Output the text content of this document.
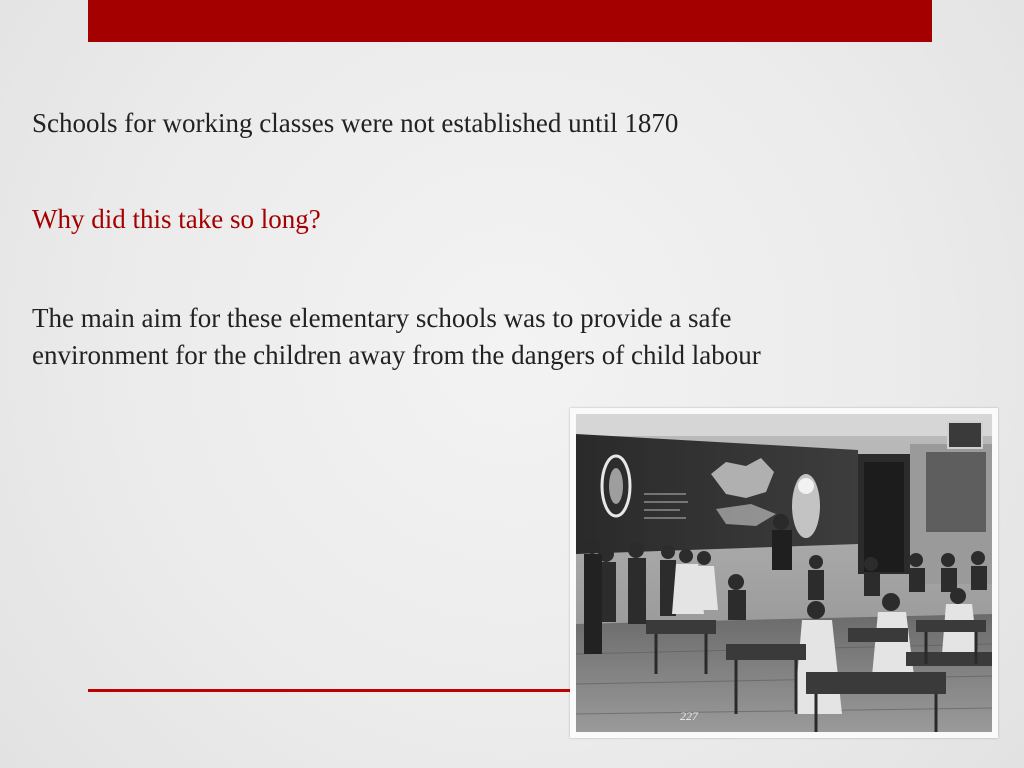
Schools for working classes were not established until 1870

Why did this take so long?

The main aim for these elementary schools was to provide a safe environment for the children away from the dangers of child labour

227
